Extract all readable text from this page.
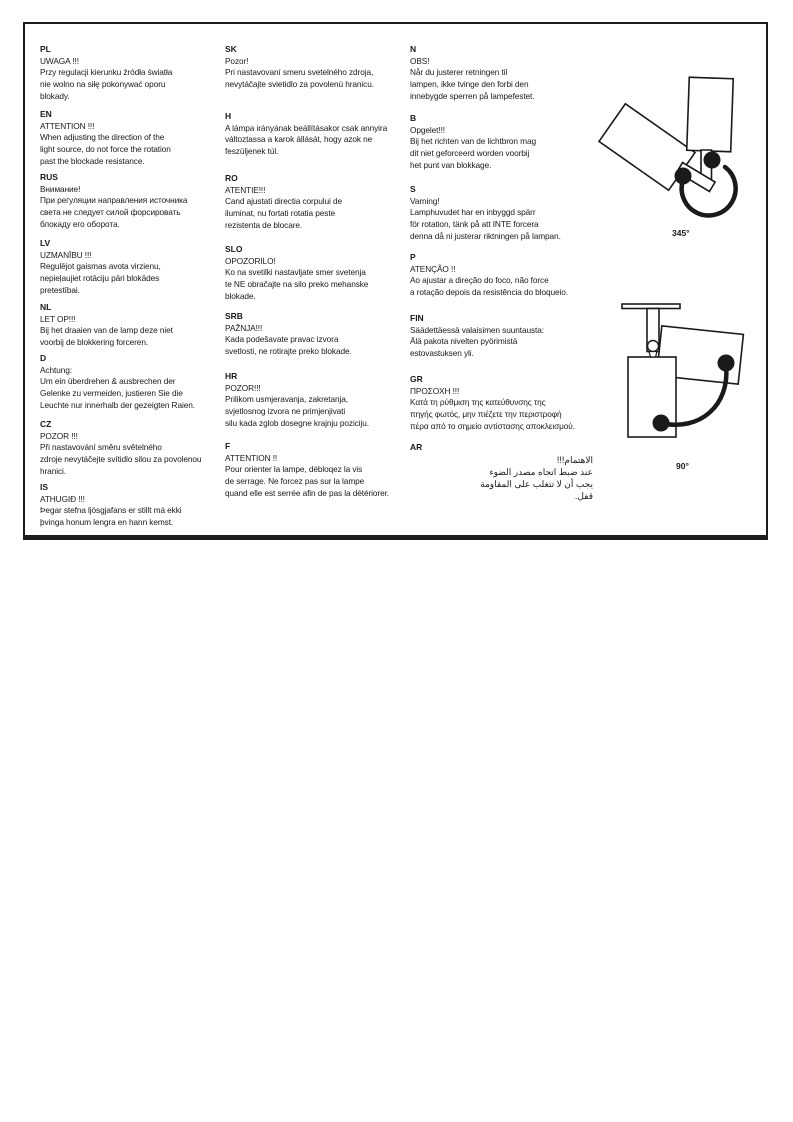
PL
UWAGA !!!
Przy regulacji kierunku źródła światła
nie wolno na siłę pokonywać oporu
blokady.
EN
ATTENTION !!!
When adjusting the direction of the
light source, do not force the rotation
past the blockade resistance.
RUS
Внимание!
При регуляции направления источника
света не следует силой форсировать
блокаду его оборота.
LV
UZMANĪBU !!!
Regulējot gaismas avota virzienu,
nepieļaujiet rotāciju pāri blokādes
pretestībai.
NL
LET OP!!!
Bij het draaien van de lamp deze niet
voorbij de blokkering forceren.
D
Achtung:
Um ein überdrehen & ausbrechen der
Gelenke zu vermeiden, justieren Sie die
Leuchte nur innerhalb der gezeigten Raien.
CZ
POZOR !!!
Při nastavování směru světelného
zdroje nevytáčejte svítidlo silou za povolenou
hranici.
IS
ATHUGIÐ !!!
Þegar stefna ljósgjafans er stillt má ekki
þvinga honum lengra en hann kemst.
SK
Pozor!
Pri nastavovaní smeru svetelného zdroja,
nevytáčajte svietidlo za povolenú hranicu.
H
A lámpa irányának beállításakor csak annyira
változtassa a karok állását, hogy azok ne
feszüljenek túl.
RO
ATENTIE!!!
Cand ajustati directia corpului de
iluminat, nu fortati rotatia peste
rezistenta de blocare.
SLO
OPOZORILO!
Ko na svetilki nastavljate smer svetenja
te NE obračajte na silo preko mehanske
blokade.
SRB
PAŽNJA!!!
Kada podešavate pravac izvora
svetlosti, ne rotirajte preko blokade.
HR
POZOR!!!
Prilikom usmjeravanja, zakretanja,
svjetlosnog izvora ne primjenjivati
silu kada zglob dosegne krajnju poziciju.
F
ATTENTION !!
Pour orienter la lampe, débloqez la vis
de serrage. Ne forcez pas sur la lampe
quand elle est serrée afin de pas la détériorer.
N
OBS!
Når du justerer retningen til
lampen, ikke tvinge den forbi den
innebygde sperren på lampefestet.
B
Opgelet!!!
Bij het richten van de lichtbron mag
dit niet geforceerd worden voorbij
het punt van blokkage.
S
Varning!
Lamphuvudet har en inbyggd spärr
för rotation, tänk på att INTE forcera
denna då ni justerar riktningen på lampan.
P
ATENÇÃO !!
Ao ajustar a direção do foco, não force
a rotação depois da resistência do bloqueio.
FIN
Säädettäessä valaisimen suuntausta:
Älä pakota nivelten pyörimistä
estovastuksen yli.
GR
ΠΡΟΣΟΧΗ !!!
Κατά τη ρύθμιση της κατεύθυνσης της
πηγής φωτός, μην πιέζετε την περιστροφή
πέρα από το σημείο αντίστασης αποκλεισμού.
AR
الاهتمام!!!
عند ضبط اتجاه مصدر الضوء
يجب أن لا تتغلب على المقاومة
قفل.
345°
90°
